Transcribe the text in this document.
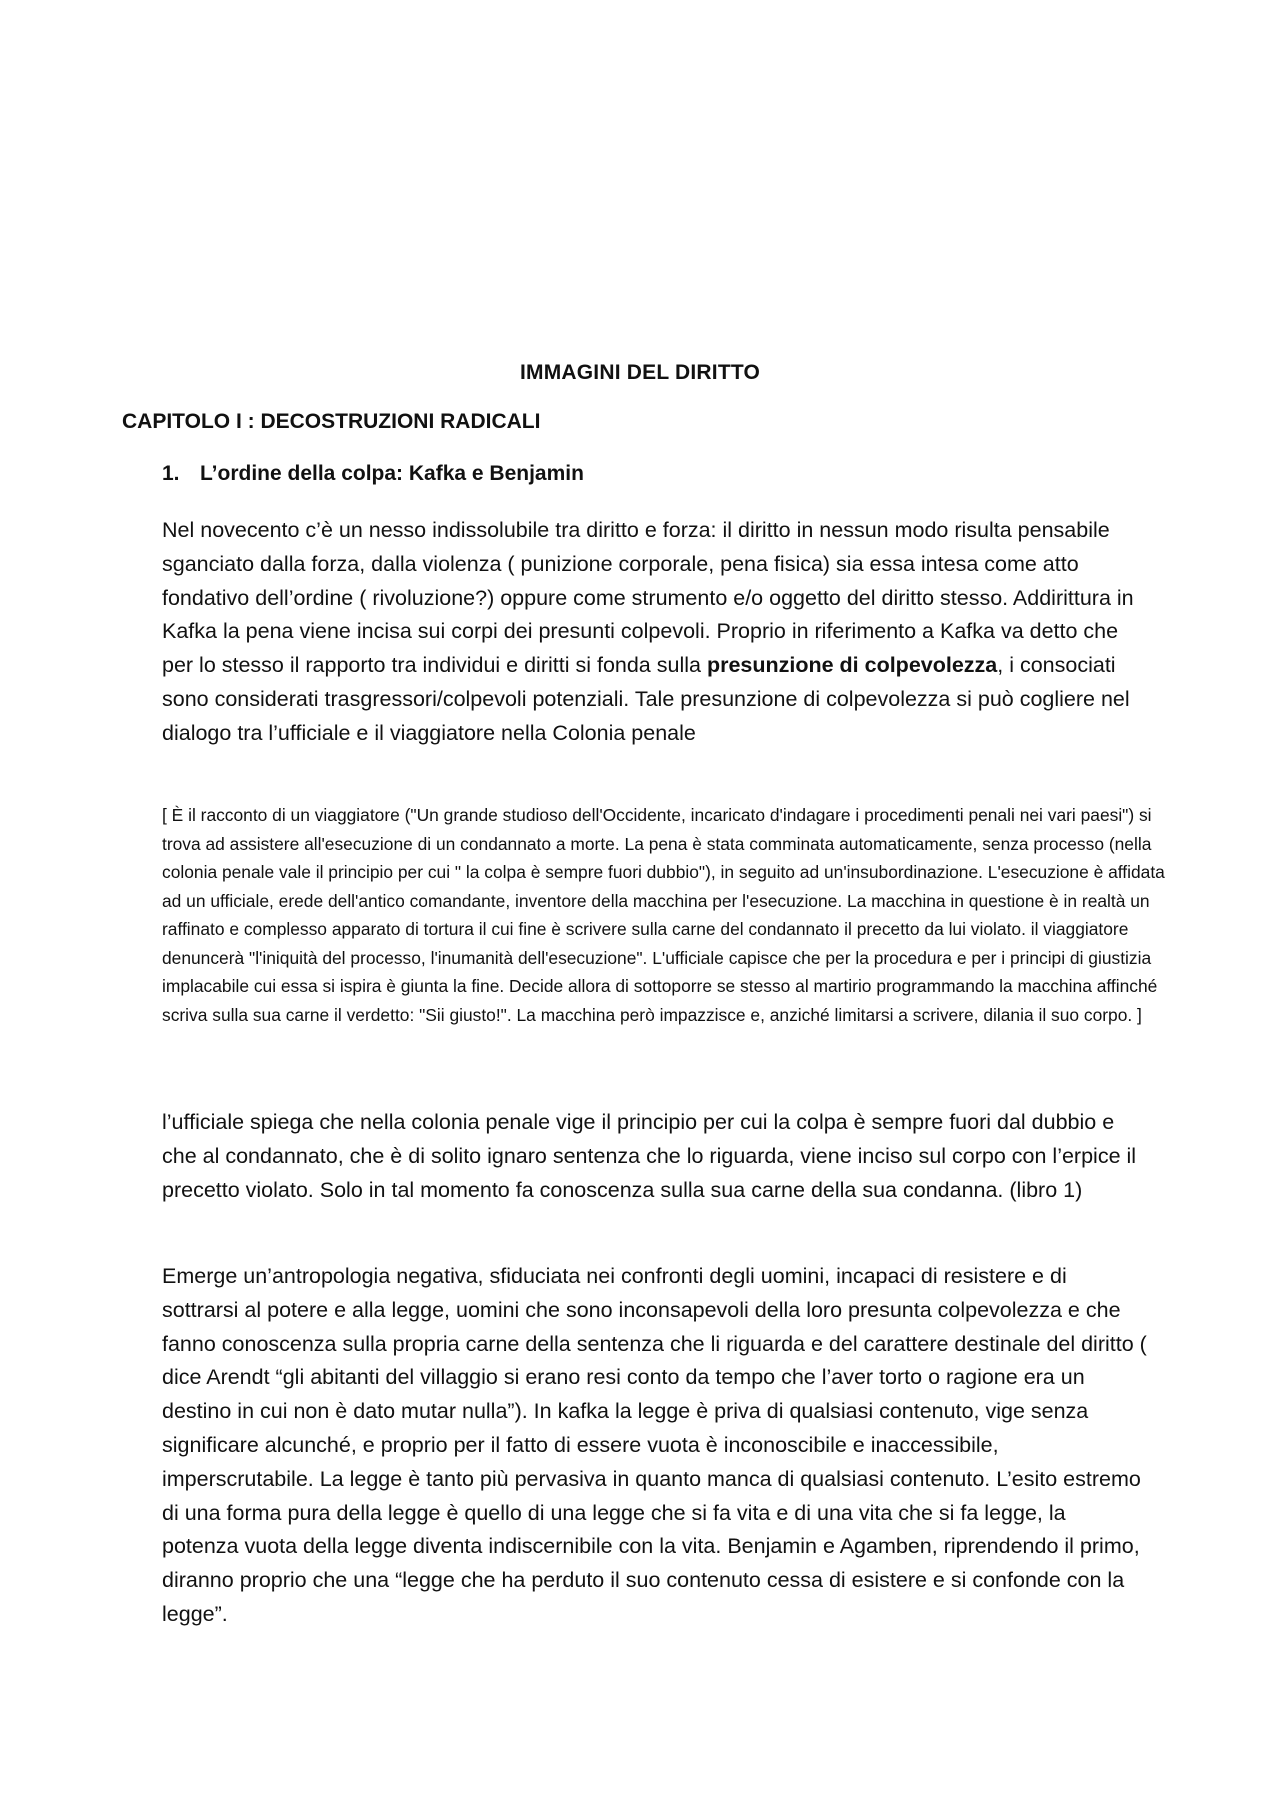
IMMAGINI DEL DIRITTO
CAPITOLO I : DECOSTRUZIONI RADICALI
1. L’ordine della colpa: Kafka e Benjamin

Nel novecento c’è un nesso indissolubile tra diritto e forza: il diritto in nessun modo risulta pensabile sganciato dalla forza, dalla violenza ( punizione corporale, pena fisica) sia essa intesa come atto fondativo dell’ordine ( rivoluzione?) oppure come strumento e/o oggetto del diritto stesso. Addirittura in Kafka la pena viene incisa sui corpi dei presunti colpevoli. Proprio in riferimento a Kafka va detto che per lo stesso il rapporto tra individui e diritti si fonda sulla presunzione di colpevolezza, i consociati sono considerati trasgressori/colpevoli potenziali. Tale presunzione di colpevolezza si può cogliere nel dialogo tra l’ufficiale e il viaggiatore nella Colonia penale

[ È il racconto di un viaggiatore ("Un grande studioso dell'Occidente, incaricato d'indagare i procedimenti penali nei vari paesi") si trova ad assistere all'esecuzione di un condannato a morte. La pena è stata comminata automaticamente, senza processo (nella colonia penale vale il principio per cui " la colpa è sempre fuori dubbio"), in seguito ad un'insubordinazione. L'esecuzione è affidata ad un ufficiale, erede dell'antico comandante, inventore della macchina per l'esecuzione. La macchina in questione è in realtà un raffinato e complesso apparato di tortura il cui fine è scrivere sulla carne del condannato il precetto da lui violato. il viaggiatore denuncerà "l'iniquità del processo, l'inumanità dell'esecuzione". L'ufficiale capisce che per la procedura e per i principi di giustizia implacabile cui essa si ispira è giunta la fine. Decide allora di sottoporre se stesso al martirio programmando la macchina affinché scriva sulla sua carne il verdetto: "Sii giusto!". La macchina però impazzisce e, anziché limitarsi a scrivere, dilania il suo corpo. ]

l’ufficiale spiega che nella colonia penale vige il principio per cui la colpa è sempre fuori dal dubbio e che al condannato, che è di solito ignaro sentenza che lo riguarda, viene inciso sul corpo con l’erpice il precetto violato. Solo in tal momento fa conoscenza sulla sua carne della sua condanna. (libro 1)

Emerge un’antropologia negativa, sfiduciata nei confronti degli uomini, incapaci di resistere e di sottrarsi al potere e alla legge, uomini che sono inconsapevoli della loro presunta colpevolezza e che fanno conoscenza sulla propria carne della sentenza che li riguarda e del carattere destinale del diritto ( dice Arendt “gli abitanti del villaggio si erano resi conto da tempo che l’aver torto o ragione era un destino in cui non è dato mutar nulla”). In kafka la legge è priva di qualsiasi contenuto, vige senza significare alcunché, e proprio per il fatto di essere vuota è inconoscibile e inaccessibile, imperscrutabile. La legge è tanto più pervasiva in quanto manca di qualsiasi contenuto. L’esito estremo di una forma pura della legge è quello di una legge che si fa vita e di una vita che si fa legge, la potenza vuota della legge diventa indiscernibile con la vita. Benjamin e Agamben, riprendendo il primo, diranno proprio che una “legge che ha perduto il suo contenuto cessa di esistere e si confonde con la legge”.
